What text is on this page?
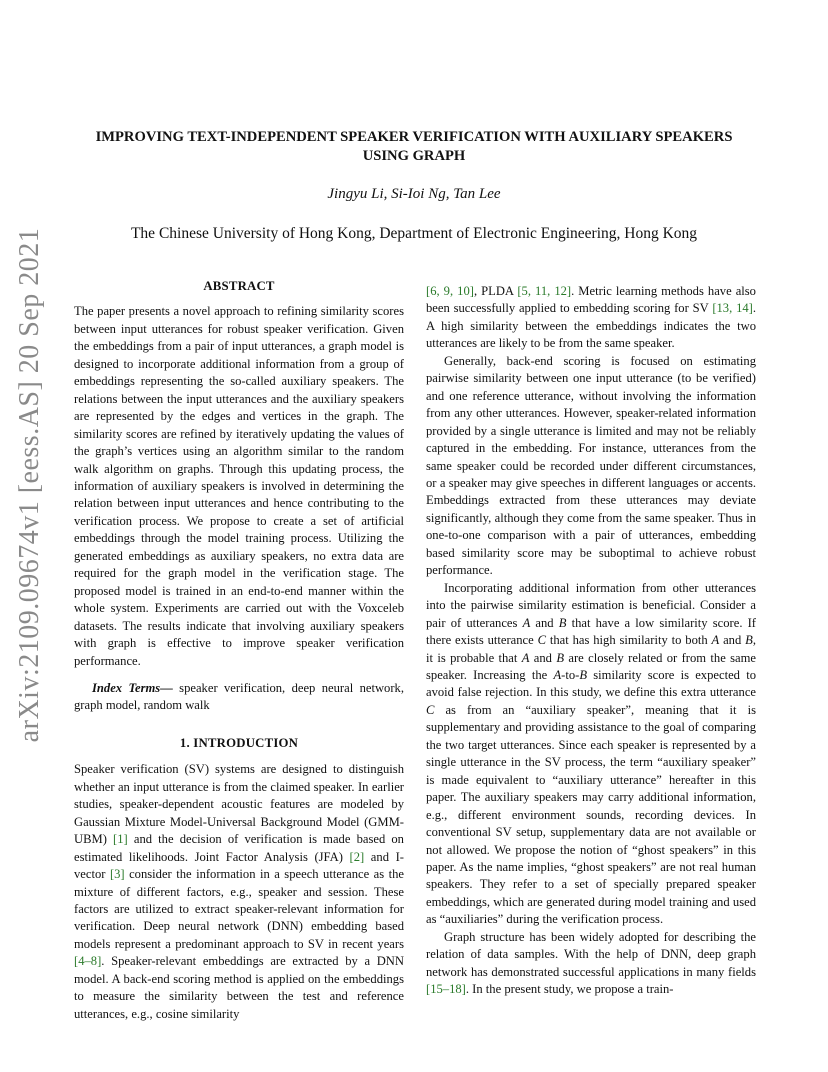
arXiv:2109.09674v1 [eess.AS] 20 Sep 2021
IMPROVING TEXT-INDEPENDENT SPEAKER VERIFICATION WITH AUXILIARY SPEAKERS USING GRAPH
Jingyu Li, Si-Ioi Ng, Tan Lee
The Chinese University of Hong Kong, Department of Electronic Engineering, Hong Kong
ABSTRACT

The paper presents a novel approach to refining similarity scores between input utterances for robust speaker verification. Given the embeddings from a pair of input utterances, a graph model is designed to incorporate additional information from a group of embeddings representing the so-called auxiliary speakers. The relations between the input utterances and the auxiliary speakers are represented by the edges and vertices in the graph. The similarity scores are refined by iteratively updating the values of the graph’s vertices using an algorithm similar to the random walk algorithm on graphs. Through this updating process, the information of auxiliary speakers is involved in determining the relation between input utterances and hence contributing to the verification process. We propose to create a set of artificial embeddings through the model training process. Utilizing the generated embeddings as auxiliary speakers, no extra data are required for the graph model in the verification stage. The proposed model is trained in an end-to-end manner within the whole system. Experiments are carried out with the Voxceleb datasets. The results indicate that involving auxiliary speakers with graph is effective to improve speaker verification performance.

Index Terms— speaker verification, deep neural network, graph model, random walk

1. INTRODUCTION

Speaker verification (SV) systems are designed to distinguish whether an input utterance is from the claimed speaker. In earlier studies, speaker-dependent acoustic features are modeled by Gaussian Mixture Model-Universal Background Model (GMM-UBM) [1] and the decision of verification is made based on estimated likelihoods. Joint Factor Analysis (JFA) [2] and I-vector [3] consider the information in a speech utterance as the mixture of different factors, e.g., speaker and session. These factors are utilized to extract speaker-relevant information for verification. Deep neural network (DNN) embedding based models represent a predominant approach to SV in recent years [4–8]. Speaker-relevant embeddings are extracted by a DNN model. A back-end scoring method is applied on the embeddings to measure the similarity between the test and reference utterances, e.g., cosine similarity

[6, 9, 10], PLDA [5, 11, 12]. Metric learning methods have also been successfully applied to embedding scoring for SV [13, 14]. A high similarity between the embeddings indicates the two utterances are likely to be from the same speaker.

Generally, back-end scoring is focused on estimating pairwise similarity between one input utterance (to be verified) and one reference utterance, without involving the information from any other utterances. However, speaker-related information provided by a single utterance is limited and may not be reliably captured in the embedding. For instance, utterances from the same speaker could be recorded under different circumstances, or a speaker may give speeches in different languages or accents. Embeddings extracted from these utterances may deviate significantly, although they come from the same speaker. Thus in one-to-one comparison with a pair of utterances, embedding based similarity score may be suboptimal to achieve robust performance.

Incorporating additional information from other utterances into the pairwise similarity estimation is beneficial. Consider a pair of utterances A and B that have a low similarity score. If there exists utterance C that has high similarity to both A and B, it is probable that A and B are closely related or from the same speaker. Increasing the A-to-B similarity score is expected to avoid false rejection. In this study, we define this extra utterance C as from an “auxiliary speaker”, meaning that it is supplementary and providing assistance to the goal of comparing the two target utterances. Since each speaker is represented by a single utterance in the SV process, the term “auxiliary speaker” is made equivalent to “auxiliary utterance” hereafter in this paper. The auxiliary speakers may carry additional information, e.g., different environment sounds, recording devices. In conventional SV setup, supplementary data are not available or not allowed. We propose the notion of “ghost speakers” in this paper. As the name implies, “ghost speakers” are not real human speakers. They refer to a set of specially prepared speaker embeddings, which are generated during model training and used as “auxiliaries” during the verification process.

Graph structure has been widely adopted for describing the relation of data samples. With the help of DNN, deep graph network has demonstrated successful applications in many fields [15–18]. In the present study, we propose a train-
